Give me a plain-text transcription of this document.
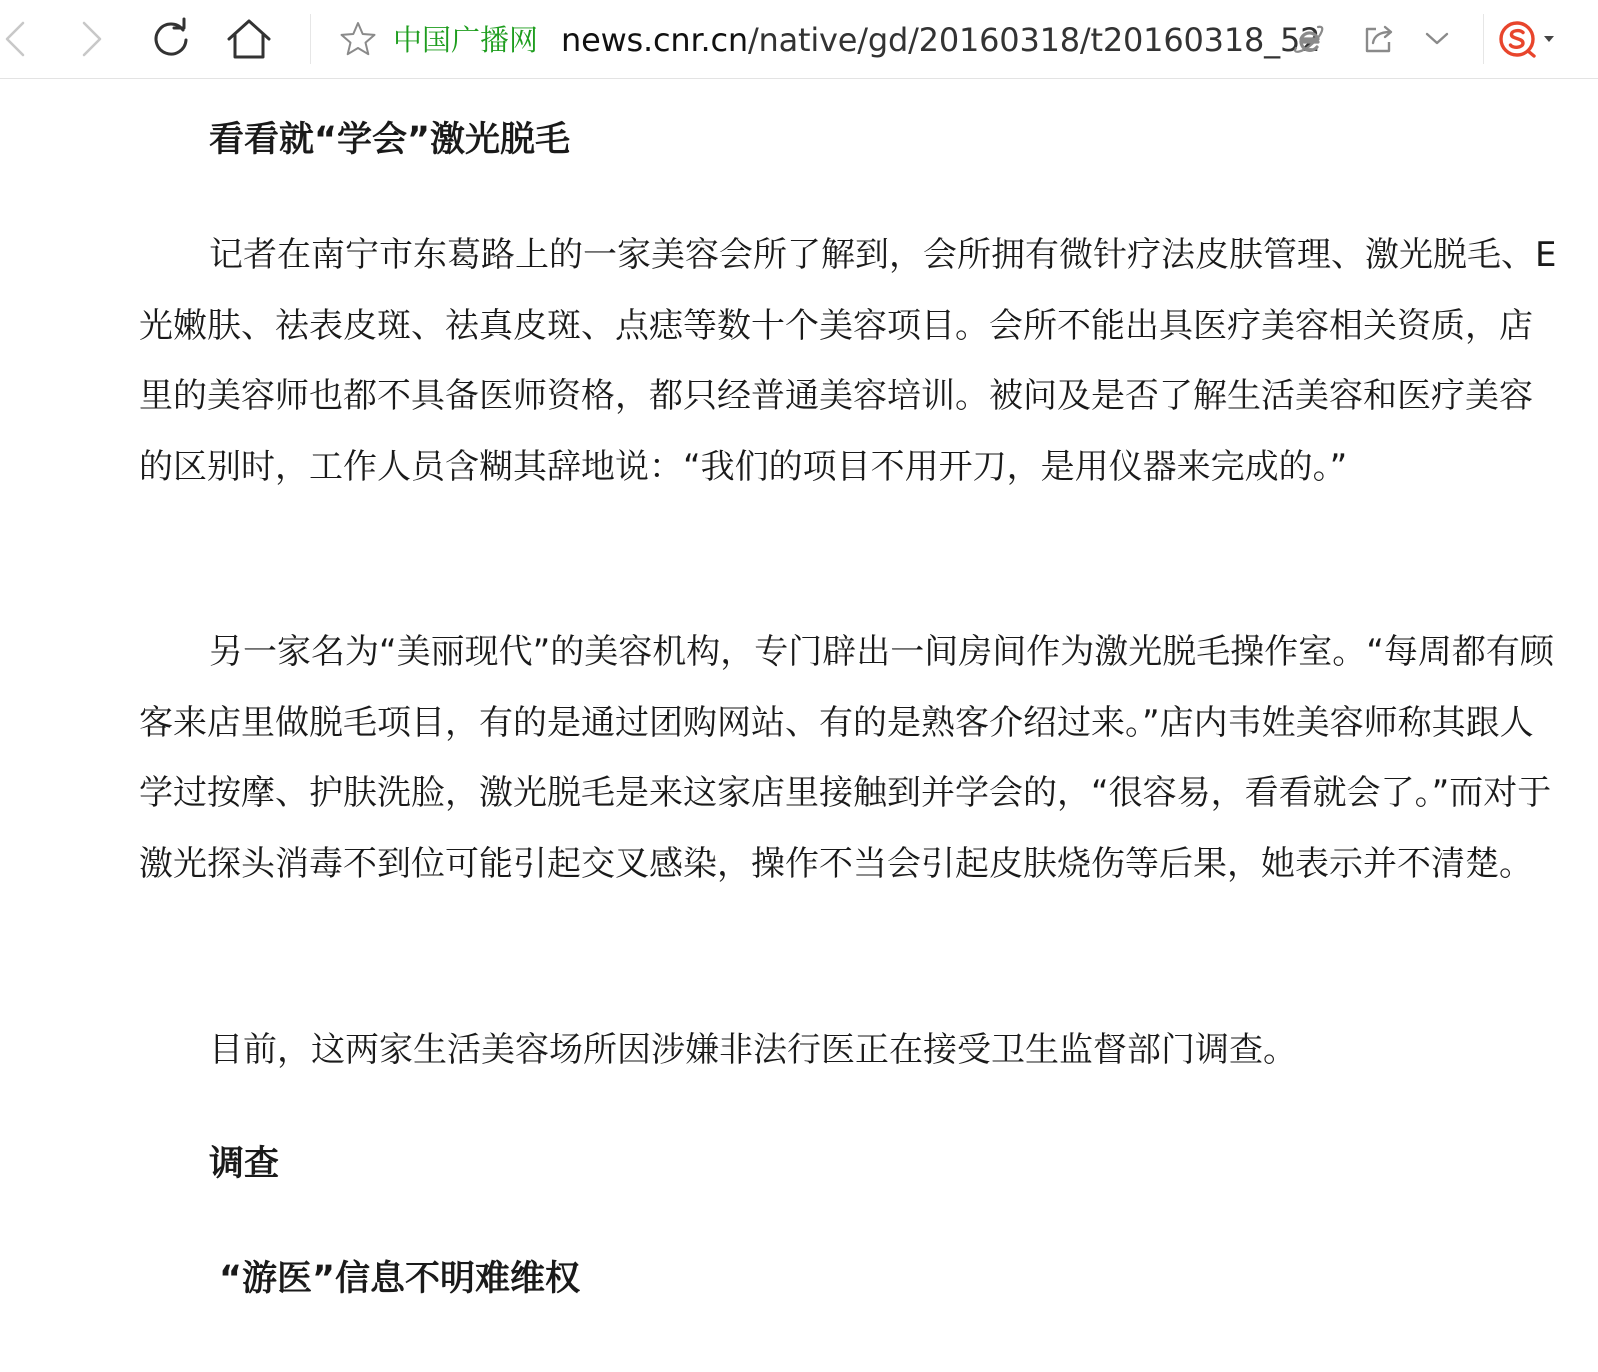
中国广播网 news.cnr.cn/native/gd/20160318/t20160318_52
看看就“学会”激光脱毛

记者在南宁市东葛路上的一家美容会所了解到，会所拥有微针疗法皮肤管理、激光脱毛、E光嫩肤、祛表皮斑、祛真皮斑、点痣等数十个美容项目。会所不能出具医疗美容相关资质，店里的美容师也都不具备医师资格，都只经普通美容培训。被问及是否了解生活美容和医疗美容的区别时，工作人员含糊其辞地说：“我们的项目不用开刀，是用仪器来完成的。”

另一家名为“美丽现代”的美容机构，专门辟出一间房间作为激光脱毛操作室。“每周都有顾客来店里做脱毛项目，有的是通过团购网站、有的是熟客介绍过来。”店内韦姓美容师称其跟人学过按摩、护肤洗脸，激光脱毛是来这家店里接触到并学会的，“很容易，看看就会了。”而对于激光探头消毒不到位可能引起交叉感染，操作不当会引起皮肤烧伤等后果，她表示并不清楚。

目前，这两家生活美容场所因涉嫌非法行医正在接受卫生监督部门调查。
调查
“游医”信息不明难维权
